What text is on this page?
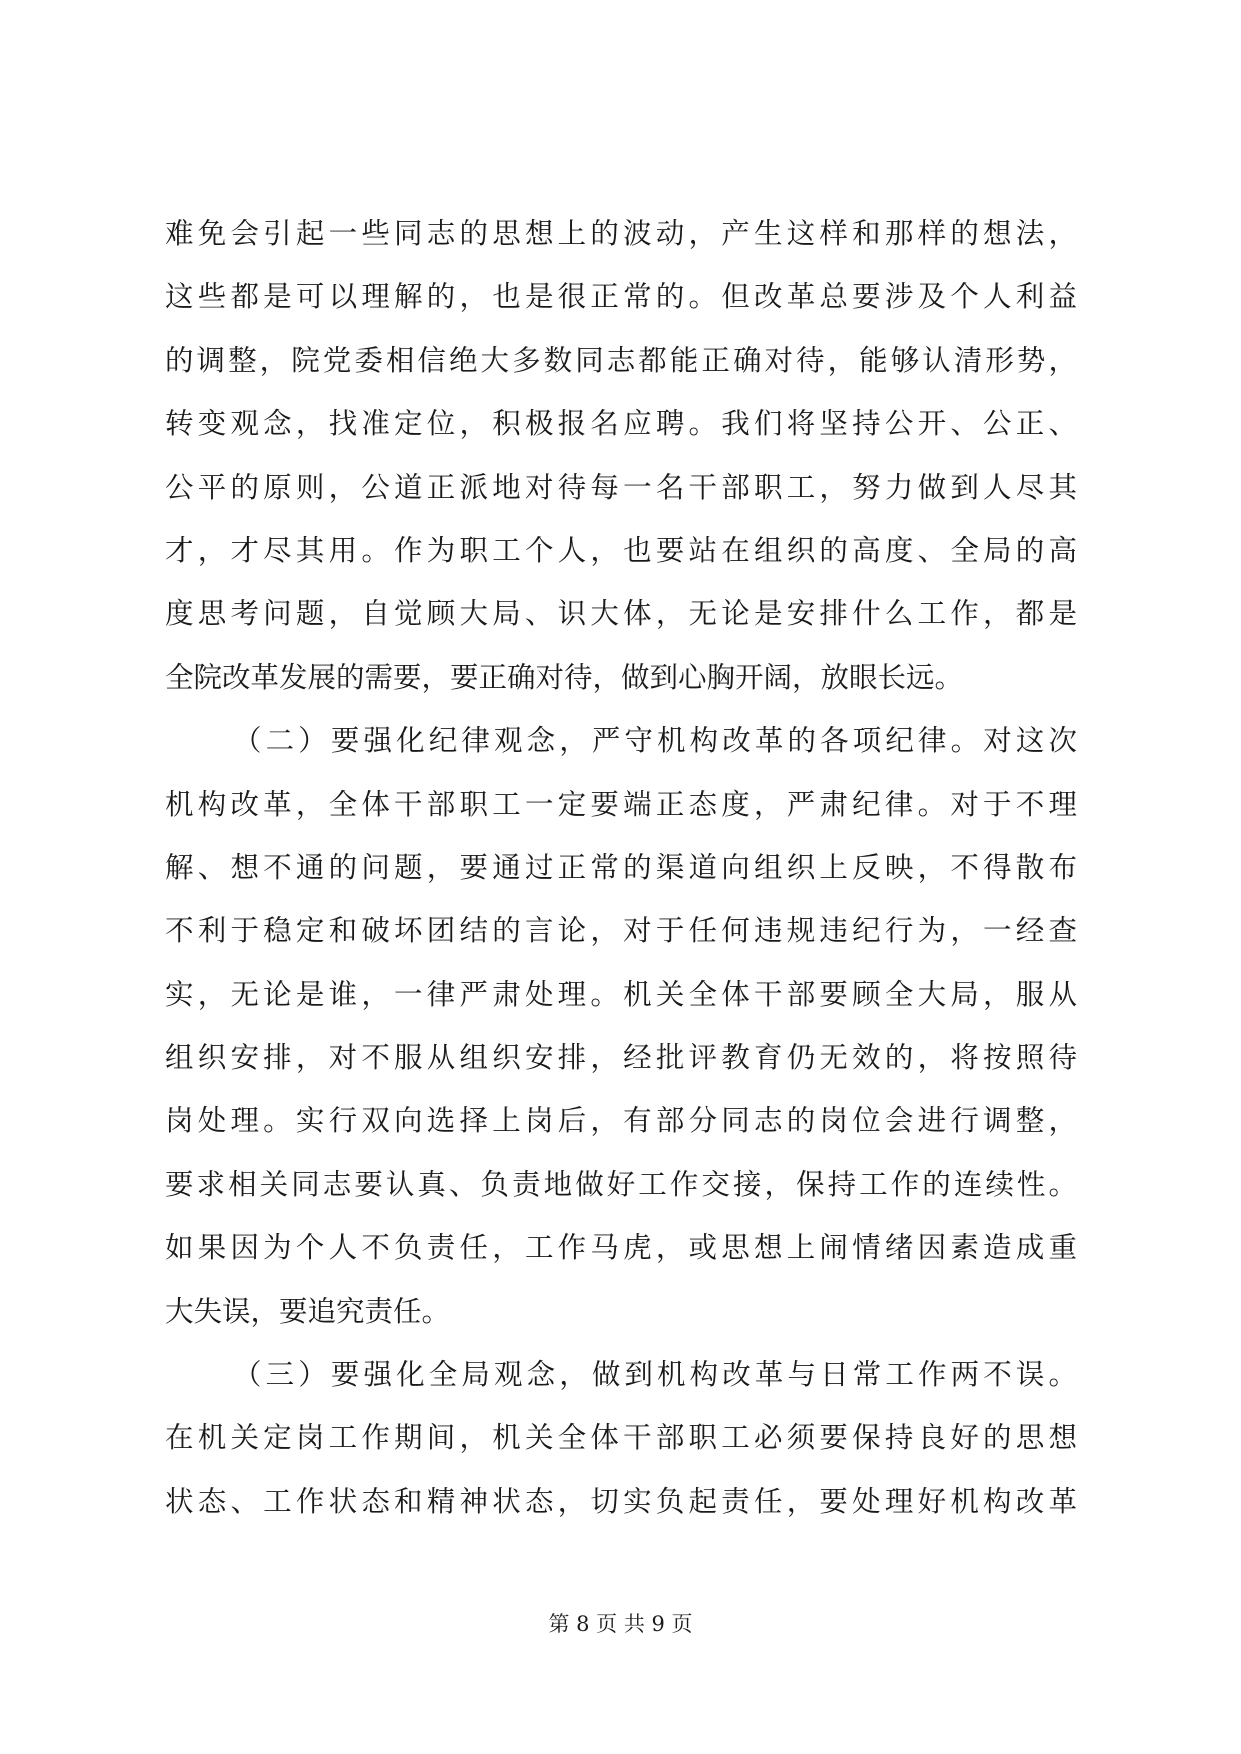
难免会引起一些同志的思想上的波动，产生这样和那样的想法，
这些都是可以理解的，也是很正常的。但改革总要涉及个人利益
的调整，院党委相信绝大多数同志都能正确对待，能够认清形势，
转变观念，找准定位，积极报名应聘。我们将坚持公开、公正、
公平的原则，公道正派地对待每一名干部职工，努力做到人尽其
才，才尽其用。作为职工个人，也要站在组织的高度、全局的高
度思考问题，自觉顾大局、识大体，无论是安排什么工作，都是
全院改革发展的需要，要正确对待，做到心胸开阔，放眼长远。
（二）要强化纪律观念，严守机构改革的各项纪律。对这次
机构改革，全体干部职工一定要端正态度，严肃纪律。对于不理
解、想不通的问题，要通过正常的渠道向组织上反映，不得散布
不利于稳定和破坏团结的言论，对于任何违规违纪行为，一经查
实，无论是谁，一律严肃处理。机关全体干部要顾全大局，服从
组织安排，对不服从组织安排，经批评教育仍无效的，将按照待
岗处理。实行双向选择上岗后，有部分同志的岗位会进行调整，
要求相关同志要认真、负责地做好工作交接，保持工作的连续性。
如果因为个人不负责任，工作马虎，或思想上闹情绪因素造成重
大失误，要追究责任。
（三）要强化全局观念，做到机构改革与日常工作两不误。
在机关定岗工作期间，机关全体干部职工必须要保持良好的思想
状态、工作状态和精神状态，切实负起责任，要处理好机构改革
第 8 页 共 9 页
